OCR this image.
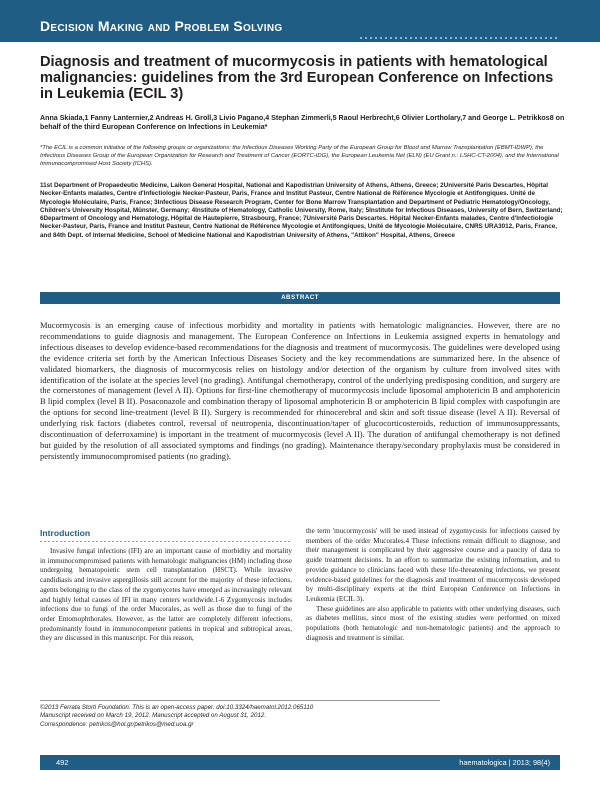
Decision Making and Problem Solving
Diagnosis and treatment of mucormycosis in patients with hematological malignancies: guidelines from the 3rd European Conference on Infections in Leukemia (ECIL 3)
Anna Skiada,1 Fanny Lanternier,2 Andreas H. Groll,3 Livio Pagano,4 Stephan Zimmerli,5 Raoul Herbrecht,6 Olivier Lortholary,7 and George L. Petrikkos8 on behalf of the third European Conference on Infections in Leukemia*
*The ECIL is a common initiative of the following groups or organizations: the Infectious Diseases Working Party of the European Group for Blood and Marrow Transplantation (EBMT-IDWP), the Infectious Diseases Group of the European Organization for Research and Treatment of Cancer (EORTC-IDG), the European Leukemia Net (ELN) (EU Grant n.: LSHC-CT-2004), and the International Immunocompromised Host Society (ICHS).
11st Department of Propaedeutic Medicine, Laikon General Hospital, National and Kapodistrian University of Athens, Athens, Greece; 2Université Paris Descartes, Hôpital Necker-Enfants malades, Centre d'Infectiologie Necker-Pasteur, Paris, France and Institut Pasteur, Centre National de Référence Mycologie et Antifongiques. Unité de Mycologie Moléculaire, Paris, France; 3Infectious Disease Research Program, Center for Bone Marrow Transplantation and Department of Pediatric Hematology/Oncology, Children's University Hospital, Münster, Germany; 4Institute of Hematology, Catholic University, Rome, Italy; 5Institute for Infectious Diseases, University of Bern, Switzerland; 6Department of Oncology and Hematology, Hôpital de Hautepierre, Strasbourg, France; 7Université Paris Descartes. Hôpital Necker-Enfants malades, Centre d'Infectiologie Necker-Pasteur, Paris, France and Institut Pasteur, Centre National de Référence Mycologie et Antifongiques, Unité de Mycologie Moléculaire, CNRS URA3012, Paris, France, and 84th Dept. of Internal Medicine, School of Medicine National and Kapodistrian University of Athens, "Attikon" Hospital, Athens, Greece
ABSTRACT
Mucormycosis is an emerging cause of infectious morbidity and mortality in patients with hematologic malignancies. However, there are no recommendations to guide diagnosis and management. The European Conference on Infections in Leukemia assigned experts in hematology and infectious diseases to develop evidence-based recommendations for the diagnosis and treatment of mucormycosis. The guidelines were developed using the evidence criteria set forth by the American Infectious Diseases Society and the key recommendations are summarized here. In the absence of validated biomarkers, the diagnosis of mucormycosis relies on histology and/or detection of the organism by culture from involved sites with identification of the isolate at the species level (no grading). Antifungal chemotherapy, control of the underlying predisposing condition, and surgery are the cornerstones of management (level A II). Options for first-line chemotherapy of mucormycosis include liposomal amphotericin B and amphotericin B lipid complex (level B II). Posaconazole and combination therapy of liposomal amphotericin B or amphotericin B lipid complex with caspofungin are the options for second line-treatment (level B II). Surgery is recommended for rhinocerebral and skin and soft tissue disease (level A II). Reversal of underlying risk factors (diabetes control, reversal of neutropenia, discontinuation/taper of glucocorticosteroids, reduction of immunosuppressants, discontinuation of deferroxamine) is important in the treatment of mucormycosis (level A II). The duration of antifungal chemotherapy is not defined but guided by the resolution of all associated symptoms and findings (no grading). Maintenance therapy/secondary prophylaxis must be considered in persistently immunocompromised patients (no grading).
Introduction

Invasive fungal infections (IFI) are an important cause of morbidity and mortality in immunocompromised patients with hematologic malignancies (HM) including those undergoing hematopoietic stem cell transplantation (HSCT). While invasive candidiasis and invasive aspergillosis still account for the majority of these infections, agents belonging to the class of the zygomycetes have emerged as increasingly relevant and highly lethal causes of IFI in many centers worldwide.1-6 Zygomycosis includes infections due to fungi of the order Mucorales, as well as those due to fungi of the order Entomophthorales. However, as the latter are completely different infections, predominantly found in immunocompetent patients in tropical and subtropical areas, they are discussed in this manuscript. For this reason,

the term 'mucormycosis' will be used instead of zygomycosis for infections caused by members of the order Mucorales.4 These infections remain difficult to diagnose, and their management is complicated by their aggressive course and a paucity of data to guide treatment decisions. In an effort to summarize the existing information, and to provide guidance to clinicians faced with these life-threatening infections, we present evidence-based guidelines for the diagnosis and treatment of mucormycosis developed by multi-disciplinary experts at the third European Conference on Infections in Leukemia (ECIL 3).

These guidelines are also applicable to patients with other underlying diseases, such as diabetes mellitus, since most of the existing studies were performed on mixed populations (both hematologic and non-hematologic patients) and the approach to diagnosis and treatment is similar.

©2013 Ferrata Storti Foundation. This is an open-access paper. doi:10.3324/haematol.2012.065110
Manuscript received on March 19, 2012. Manuscript accepted on August 31, 2012.
Correspondence: petrikos@hol.gr/petrikos@med.uoa.gr
492	haematologica | 2013; 98(4)
